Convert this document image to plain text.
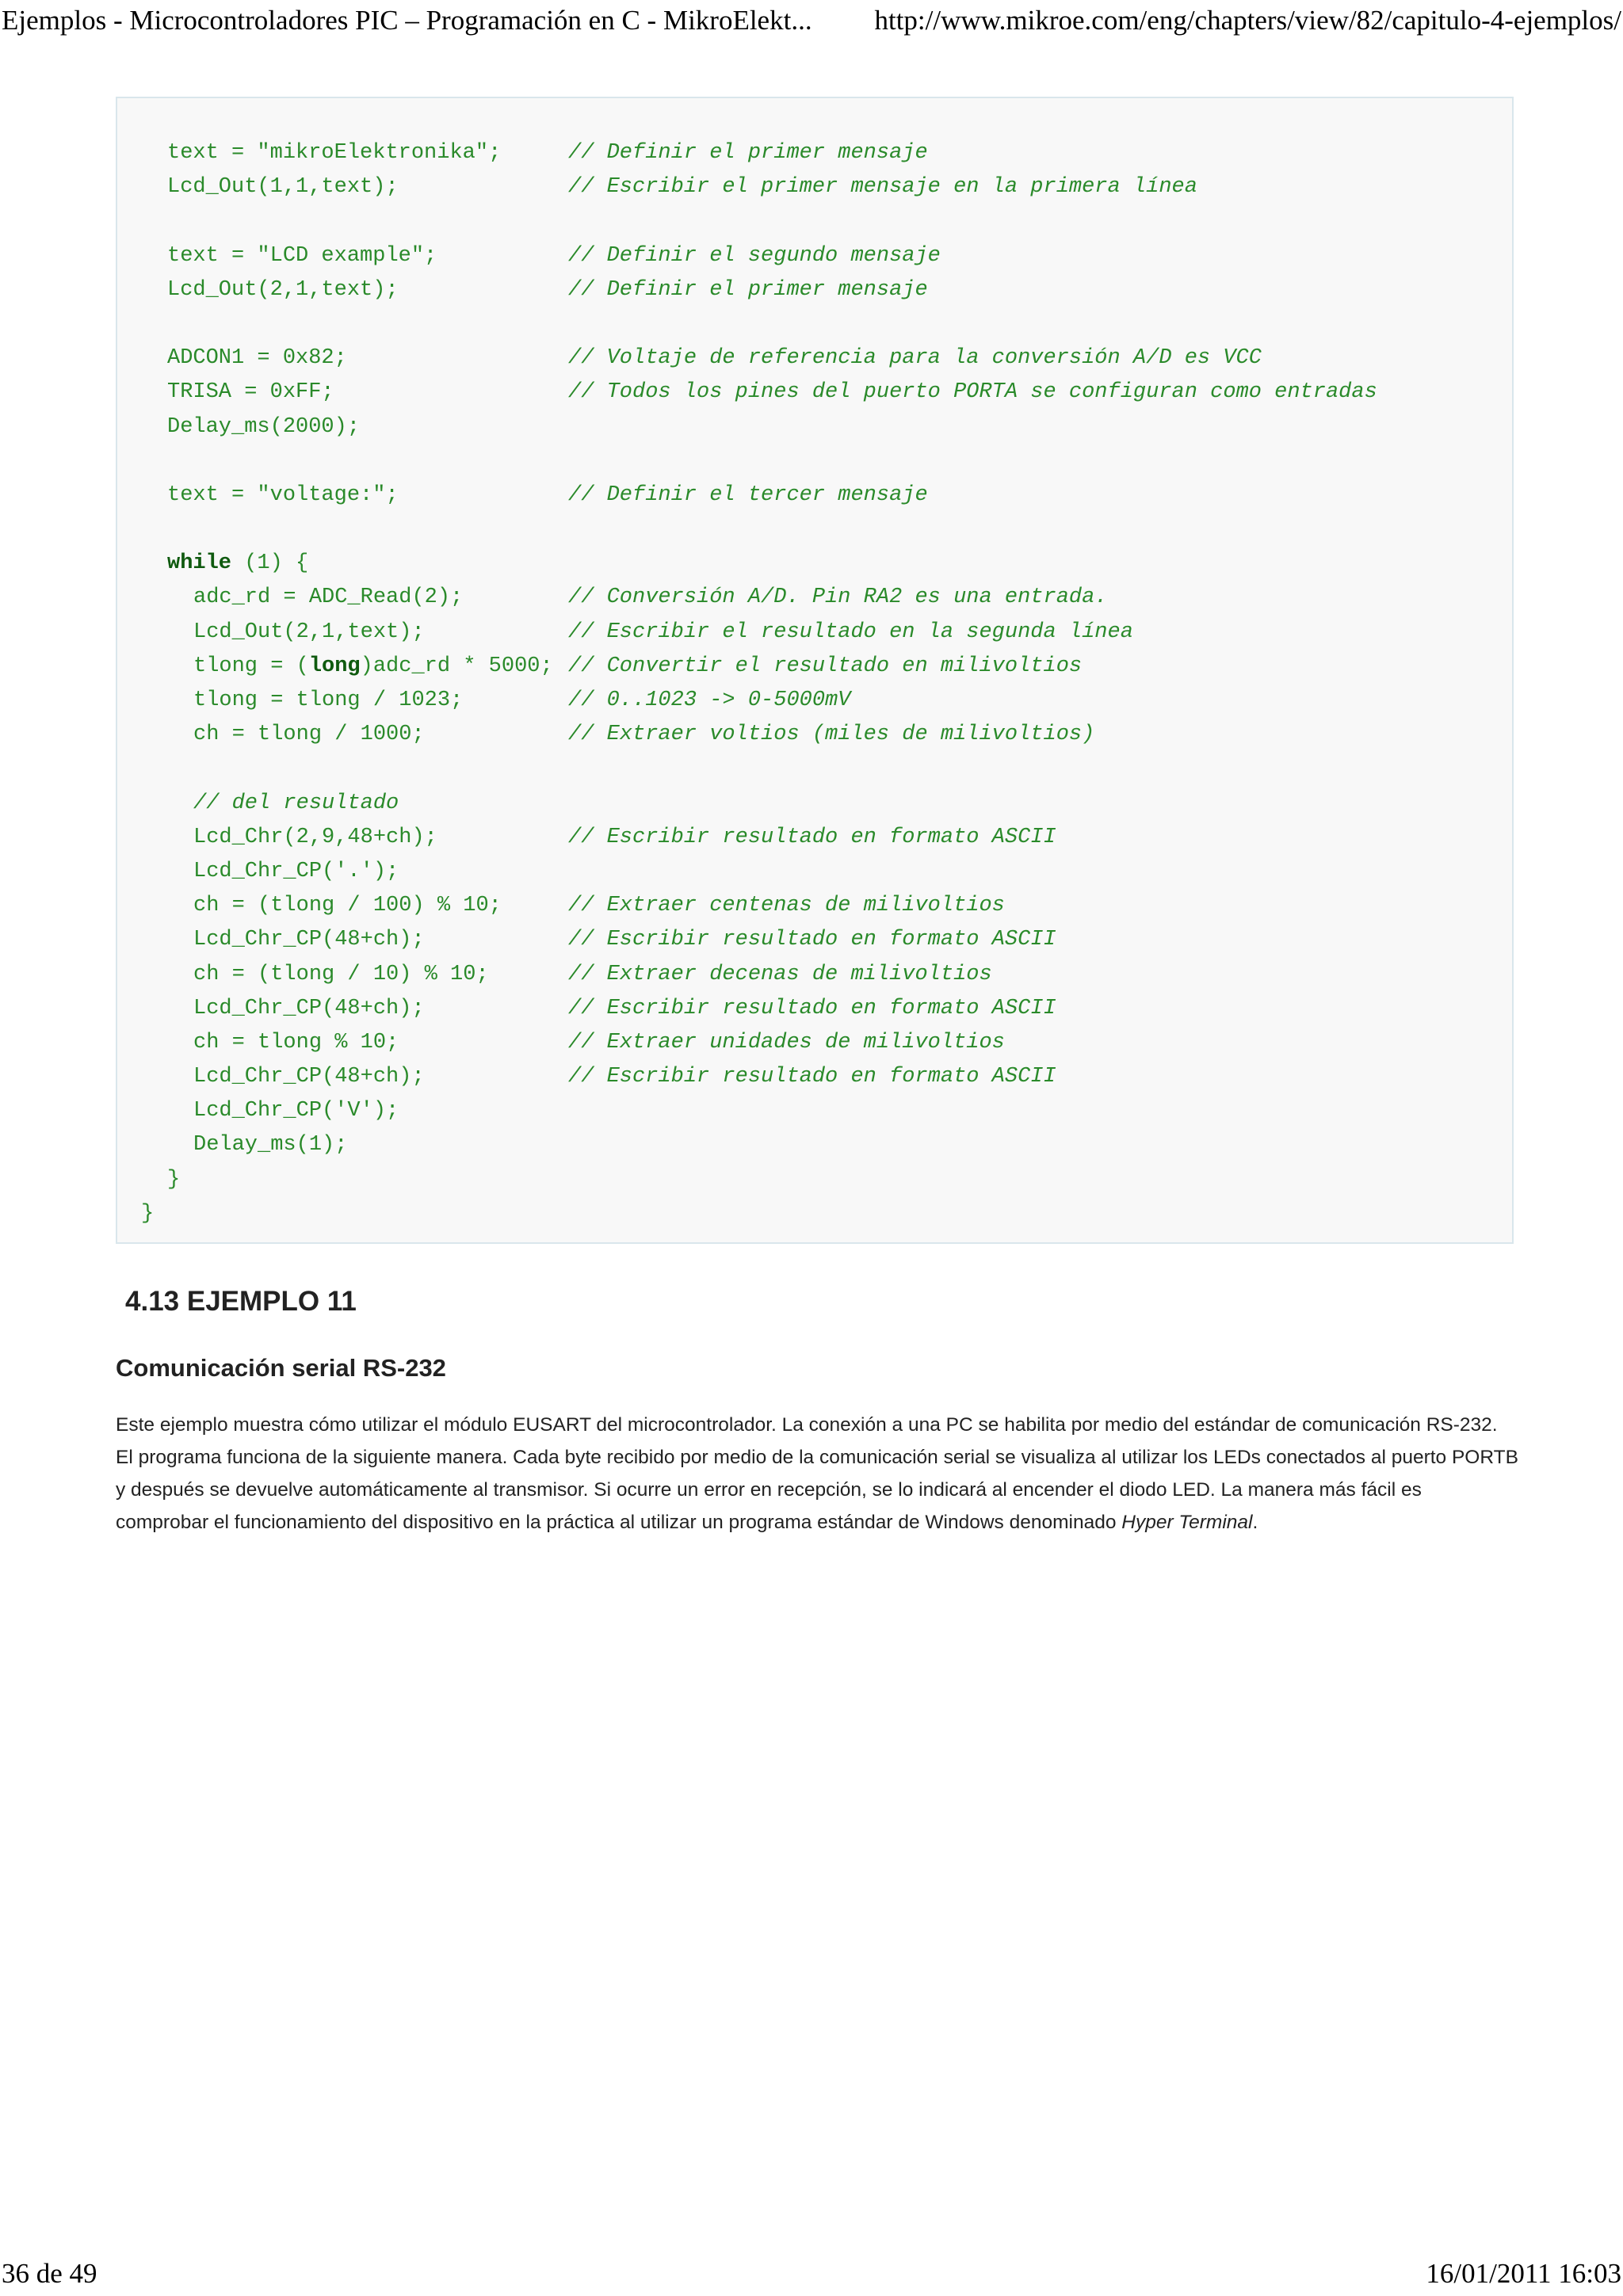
Ejemplos - Microcontroladores PIC – Programación en C - MikroElekt... http://www.mikroe.com/eng/chapters/view/82/capitulo-4-ejemplos/
text = "mikroElektronika";	// Definir el primer mensaje
Lcd_Out(1,1,text);	// Escribir el primer mensaje en la primera línea
text = "LCD example";	// Definir el segundo mensaje
Lcd_Out(2,1,text);	// Definir el primer mensaje
ADCON1 = 0x82;	// Voltaje de referencia para la conversión A/D es VCC
TRISA = 0xFF;	// Todos los pines del puerto PORTA se configuran como entradas
Delay_ms(2000);
text = "voltage:";	// Definir el tercer mensaje
while (1) {
adc_rd = ADC_Read(2);	// Conversión A/D. Pin RA2 es una entrada.
Lcd_Out(2,1,text);	// Escribir el resultado en la segunda línea
tlong = (long)adc_rd * 5000; // Convertir el resultado en milivoltios
tlong = tlong / 1023;	// 0..1023 -> 0-5000mV
ch = tlong / 1000;	// Extraer voltios (miles de milivoltios)
// del resultado
Lcd_Chr(2,9,48+ch);	// Escribir resultado en formato ASCII
Lcd_Chr_CP('.');
ch = (tlong / 100) % 10;	// Extraer centenas de milivoltios
Lcd_Chr_CP(48+ch);	// Escribir resultado en formato ASCII
ch = (tlong / 10) % 10;	// Extraer decenas de milivoltios
Lcd_Chr_CP(48+ch);	// Escribir resultado en formato ASCII
ch = tlong % 10;	// Extraer unidades de milivoltios
Lcd_Chr_CP(48+ch);	// Escribir resultado en formato ASCII
Lcd_Chr_CP('V');
Delay_ms(1);
}
}
4.13 EJEMPLO 11
Comunicación serial RS-232
Este ejemplo muestra cómo utilizar el módulo EUSART del microcontrolador. La conexión a una PC se habilita por medio del estándar de comunicación RS-232. El programa funciona de la siguiente manera. Cada byte recibido por medio de la comunicación serial se visualiza al utilizar los LEDs conectados al puerto PORTB y después se devuelve automáticamente al transmisor. Si ocurre un error en recepción, se lo indicará al encender el diodo LED. La manera más fácil es comprobar el funcionamiento del dispositivo en la práctica al utilizar un programa estándar de Windows denominado Hyper Terminal.
36 de 49	16/01/2011 16:03
